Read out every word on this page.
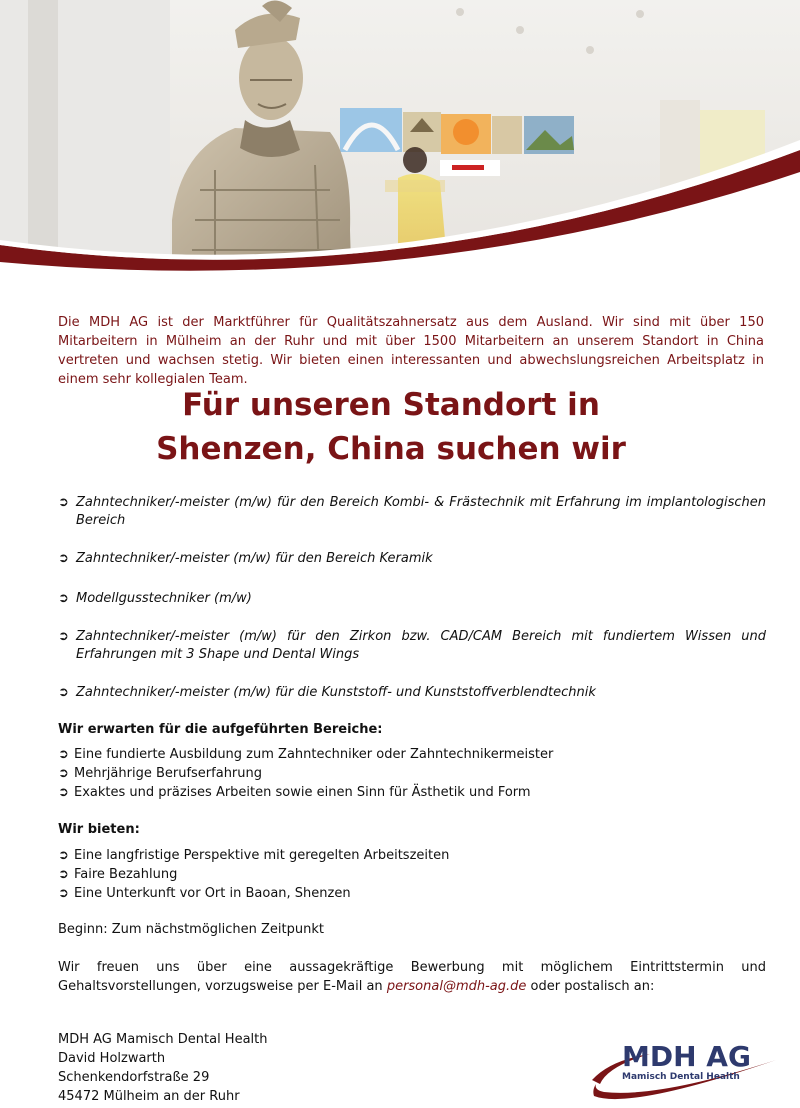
Die MDH AG ist der Marktführer für Qualitätszahnersatz aus dem Ausland. Wir sind mit über 150 Mitarbeitern in Mülheim an der Ruhr und mit über 1500 Mitarbeitern an unserem Standort in China vertreten und wachsen stetig. Wir bieten einen interessanten und abwechslungsreichen Arbeitsplatz in einem sehr kollegialen Team.
Für unseren Standort in
Shenzen, China suchen wir
➲ Zahntechniker/-meister (m/w) für den Bereich Kombi- & Frästechnik mit Erfahrung im implantologischen Bereich
➲ Zahntechniker/-meister (m/w) für den Bereich Keramik
➲ Modellgusstechniker (m/w)
➲ Zahntechniker/-meister (m/w) für den Zirkon bzw. CAD/CAM Bereich mit fundiertem Wissen und Erfahrungen mit 3 Shape und Dental Wings
➲ Zahntechniker/-meister (m/w) für die Kunststoff- und Kunststoffverblendtechnik
Wir erwarten für die aufgeführten Bereiche:
➲ Eine fundierte Ausbildung zum Zahntechniker oder Zahntechnikermeister
➲ Mehrjährige Berufserfahrung
➲ Exaktes und präzises Arbeiten sowie einen Sinn für Ästhetik und Form
Wir bieten:
➲ Eine langfristige Perspektive mit geregelten Arbeitszeiten
➲ Faire Bezahlung
➲ Eine Unterkunft vor Ort in Baoan, Shenzen
Beginn: Zum nächstmöglichen Zeitpunkt
Wir freuen uns über eine aussagekräftige Bewerbung mit möglichem Eintrittstermin und Gehaltsvorstellungen, vorzugsweise per E-Mail an personal@mdh-ag.de oder postalisch an:
MDH AG Mamisch Dental Health
David Holzwarth
Schenkendorfstraße 29
45472 Mülheim an der Ruhr
MDH AG
Mamisch Dental Health
